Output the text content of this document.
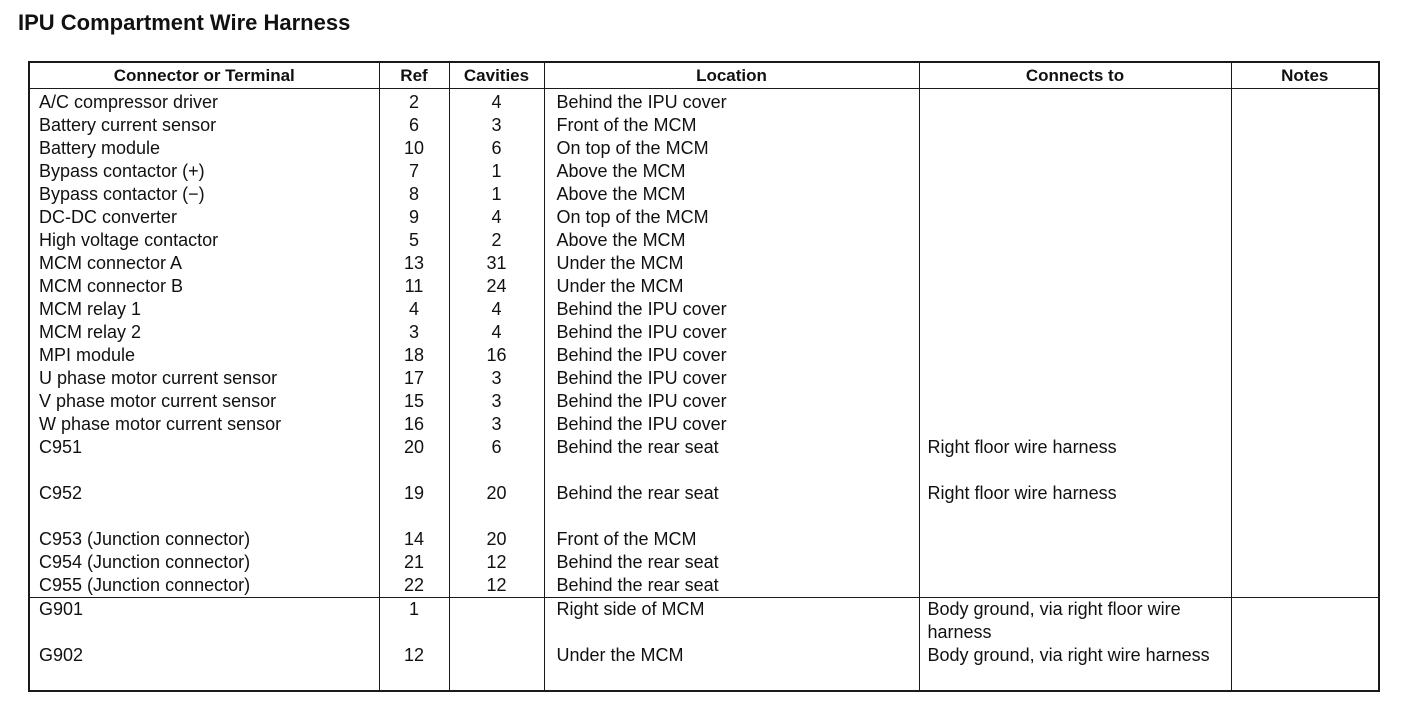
IPU Compartment Wire Harness
Connector or Terminal	Ref	Cavities	Location	Connects to	Notes
A/C compressor driver	2	4	Behind the IPU cover		
Battery current sensor	6	3	Front of the MCM		
Battery module	10	6	On top of the MCM		
Bypass contactor (+)	7	1	Above the MCM		
Bypass contactor (−)	8	1	Above the MCM		
DC-DC converter	9	4	On top of the MCM		
High voltage contactor	5	2	Above the MCM		
MCM connector A	13	31	Under the MCM		
MCM connector B	11	24	Under the MCM		
MCM relay 1	4	4	Behind the IPU cover		
MCM relay 2	3	4	Behind the IPU cover		
MPI module	18	16	Behind the IPU cover		
U phase motor current sensor	17	3	Behind the IPU cover		
V phase motor current sensor	15	3	Behind the IPU cover		
W phase motor current sensor	16	3	Behind the IPU cover		
C951	20	6	Behind the rear seat	Right floor wire harness	
C952	19	20	Behind the rear seat	Right floor wire harness	
C953 (Junction connector)	14	20	Front of the MCM		
C954 (Junction connector)	21	12	Behind the rear seat		
C955 (Junction connector)	22	12	Behind the rear seat		
G901	1		Right side of MCM	Body ground, via right floor wire harness	
G902	12		Under the MCM	Body ground, via right wire harness	
